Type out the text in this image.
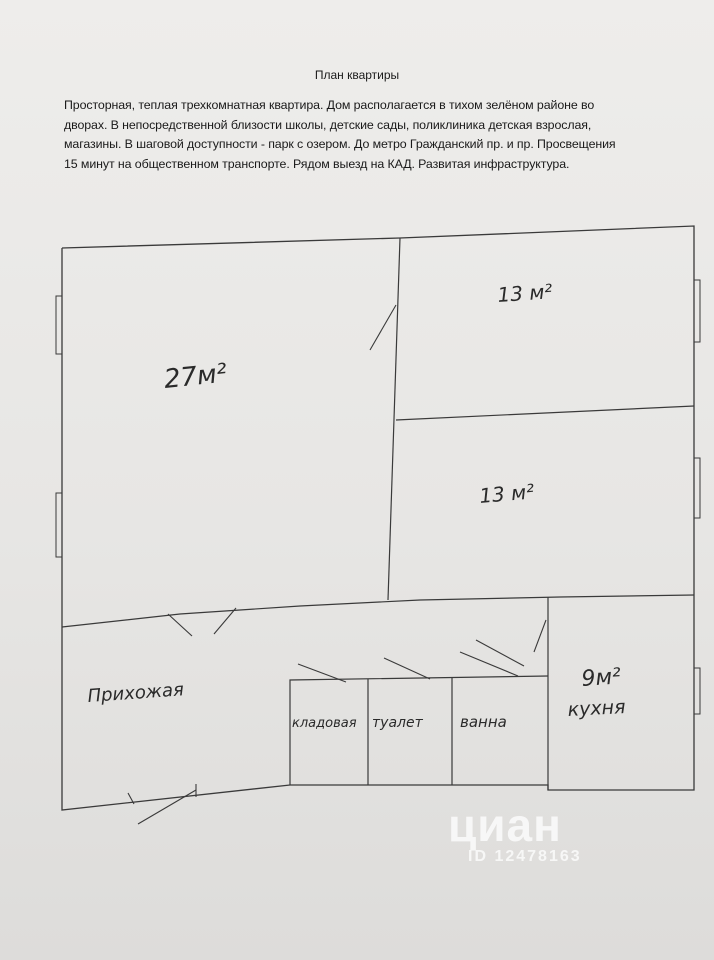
План квартиры
Просторная, теплая трехкомнатная квартира. Дом располагается в тихом зелёном районе во
дворах. В непосредственной близости школы, детские сады, поликлиника детская взрослая,
магазины. В шаговой доступности - парк с озером. До метро Гражданский пр. и пр. Просвещения
15 минут на общественном транспорте. Рядом выезд на КАД. Развитая инфраструктура.
27м²
13 м²
13 м²
9м²
кухня
Прихожая
кладовая туалет ванна
циан
ID 12478163
